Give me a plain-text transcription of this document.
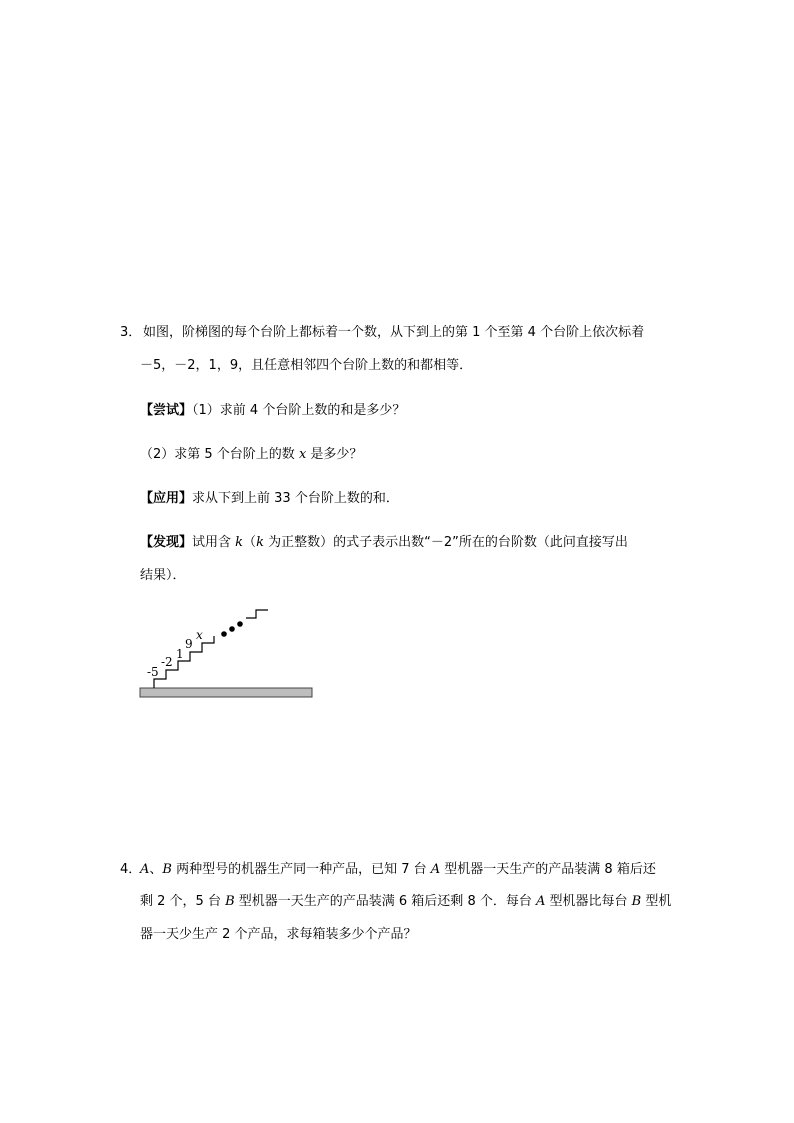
3． 如图，阶梯图的每个台阶上都标着一个数，从下到上的第 1 个至第 4 个台阶上依次标着
－5，－2，1，9，且任意相邻四个台阶上数的和都相等．
【尝试】（1）求前 4 个台阶上数的和是多少？
（2）求第 5 个台阶上的数 x 是多少？
【应用】求从下到上前 33 个台阶上数的和．
【发现】试用含 k（k 为正整数）的式子表示出数“－2”所在的台阶数（此问直接写出
结果）．
-5
-2
1
9
x
4．
A、B 两种型号的机器生产同一种产品，已知 7 台 A 型机器一天生产的产品装满 8 箱后还
剩 2 个，5 台 B 型机器一天生产的产品装满 6 箱后还剩 8 个．每台 A 型机器比每台 B 型机
器一天少生产 2 个产品，求每箱装多少个产品？
